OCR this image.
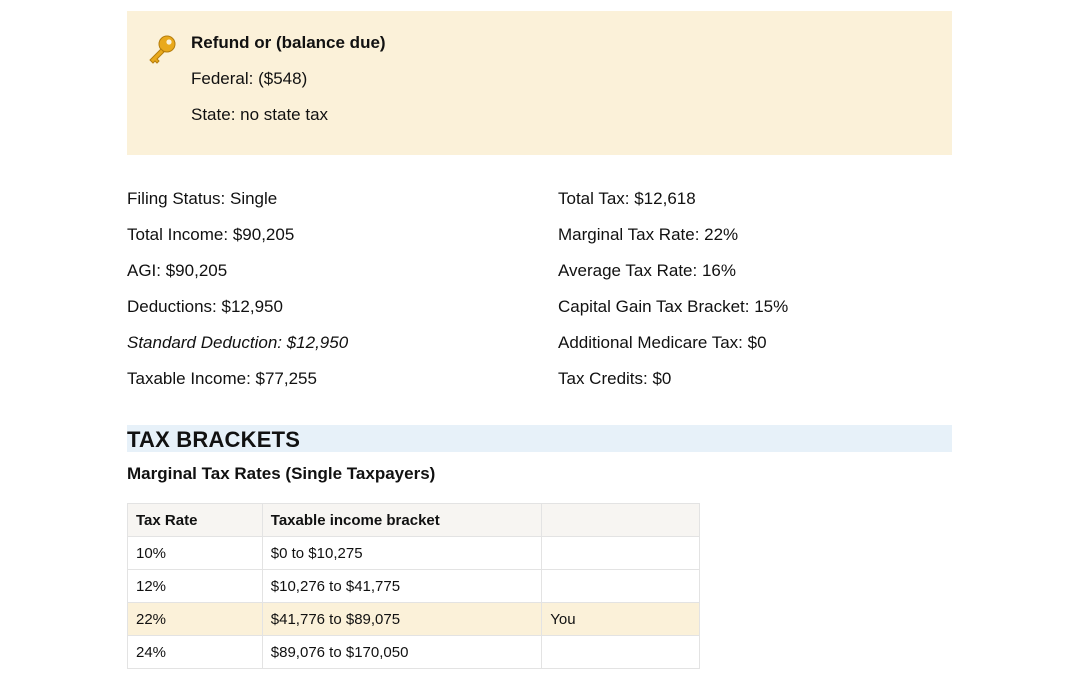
Refund or (balance due)
Federal: ($548)
State: no state tax
Filing Status: Single
Total Income: $90,205
AGI: $90,205
Deductions: $12,950
Standard Deduction: $12,950
Taxable Income: $77,255
Total Tax: $12,618
Marginal Tax Rate: 22%
Average Tax Rate: 16%
Capital Gain Tax Bracket: 15%
Additional Medicare Tax: $0
Tax Credits: $0
TAX BRACKETS
Marginal Tax Rates (Single Taxpayers)
Tax Rate	Taxable income bracket	
10%	$0 to $10,275	
12%	$10,276 to $41,775	
22%	$41,776 to $89,075	You
24%	$89,076 to $170,050	
